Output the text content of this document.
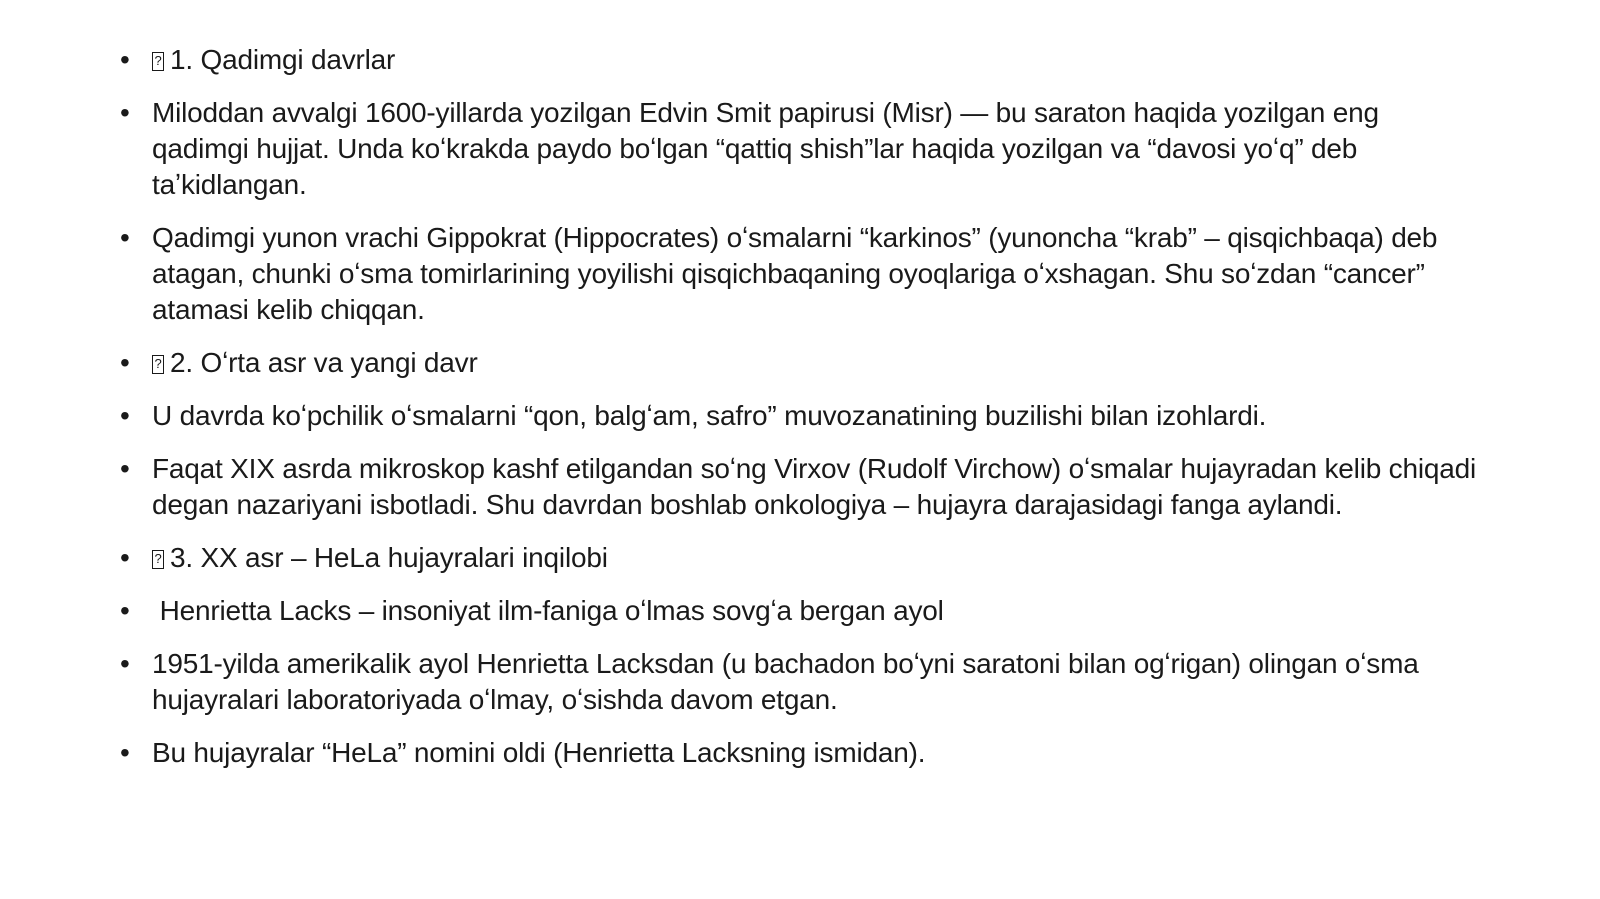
• ? 1. Qadimgi davrlar
• Miloddan avvalgi 1600-yillarda yozilgan Edvin Smit papirusi (Misr) — bu saraton haqida yozilgan eng qadimgi hujjat. Unda koʻkrakda paydo boʻlgan “qattiq shish”lar haqida yozilgan va “davosi yoʻq” deb taʼkidlangan.
• Qadimgi yunon vrachi Gippokrat (Hippocrates) oʻsmalarni “karkinos” (yunoncha “krab” – qisqichbaqa) deb atagan, chunki oʻsma tomirlarining yoyilishi qisqichbaqaning oyoqlariga oʻxshagan. Shu soʻzdan “cancer” atamasi kelib chiqqan.
• ? 2. Oʻrta asr va yangi davr
• U davrda koʻpchilik oʻsmalarni “qon, balgʻam, safro” muvozanatining buzilishi bilan izohlardi.
• Faqat XIX asrda mikroskop kashf etilgandan soʻng Virxov (Rudolf Virchow) oʻsmalar hujayradan kelib chiqadi degan nazariyani isbotladi. Shu davrdan boshlab onkologiya – hujayra darajasidagi fanga aylandi.
• ? 3. XX asr – HeLa hujayralari inqilobi
• Henrietta Lacks – insoniyat ilm-faniga oʻlmas sovgʻa bergan ayol
• 1951-yilda amerikalik ayol Henrietta Lacksdan (u bachadon boʻyni saratoni bilan ogʻrigan) olingan oʻsma hujayralari laboratoriyada oʻlmay, oʻsishda davom etgan.
• Bu hujayralar “HeLa” nomini oldi (Henrietta Lacksning ismidan).
